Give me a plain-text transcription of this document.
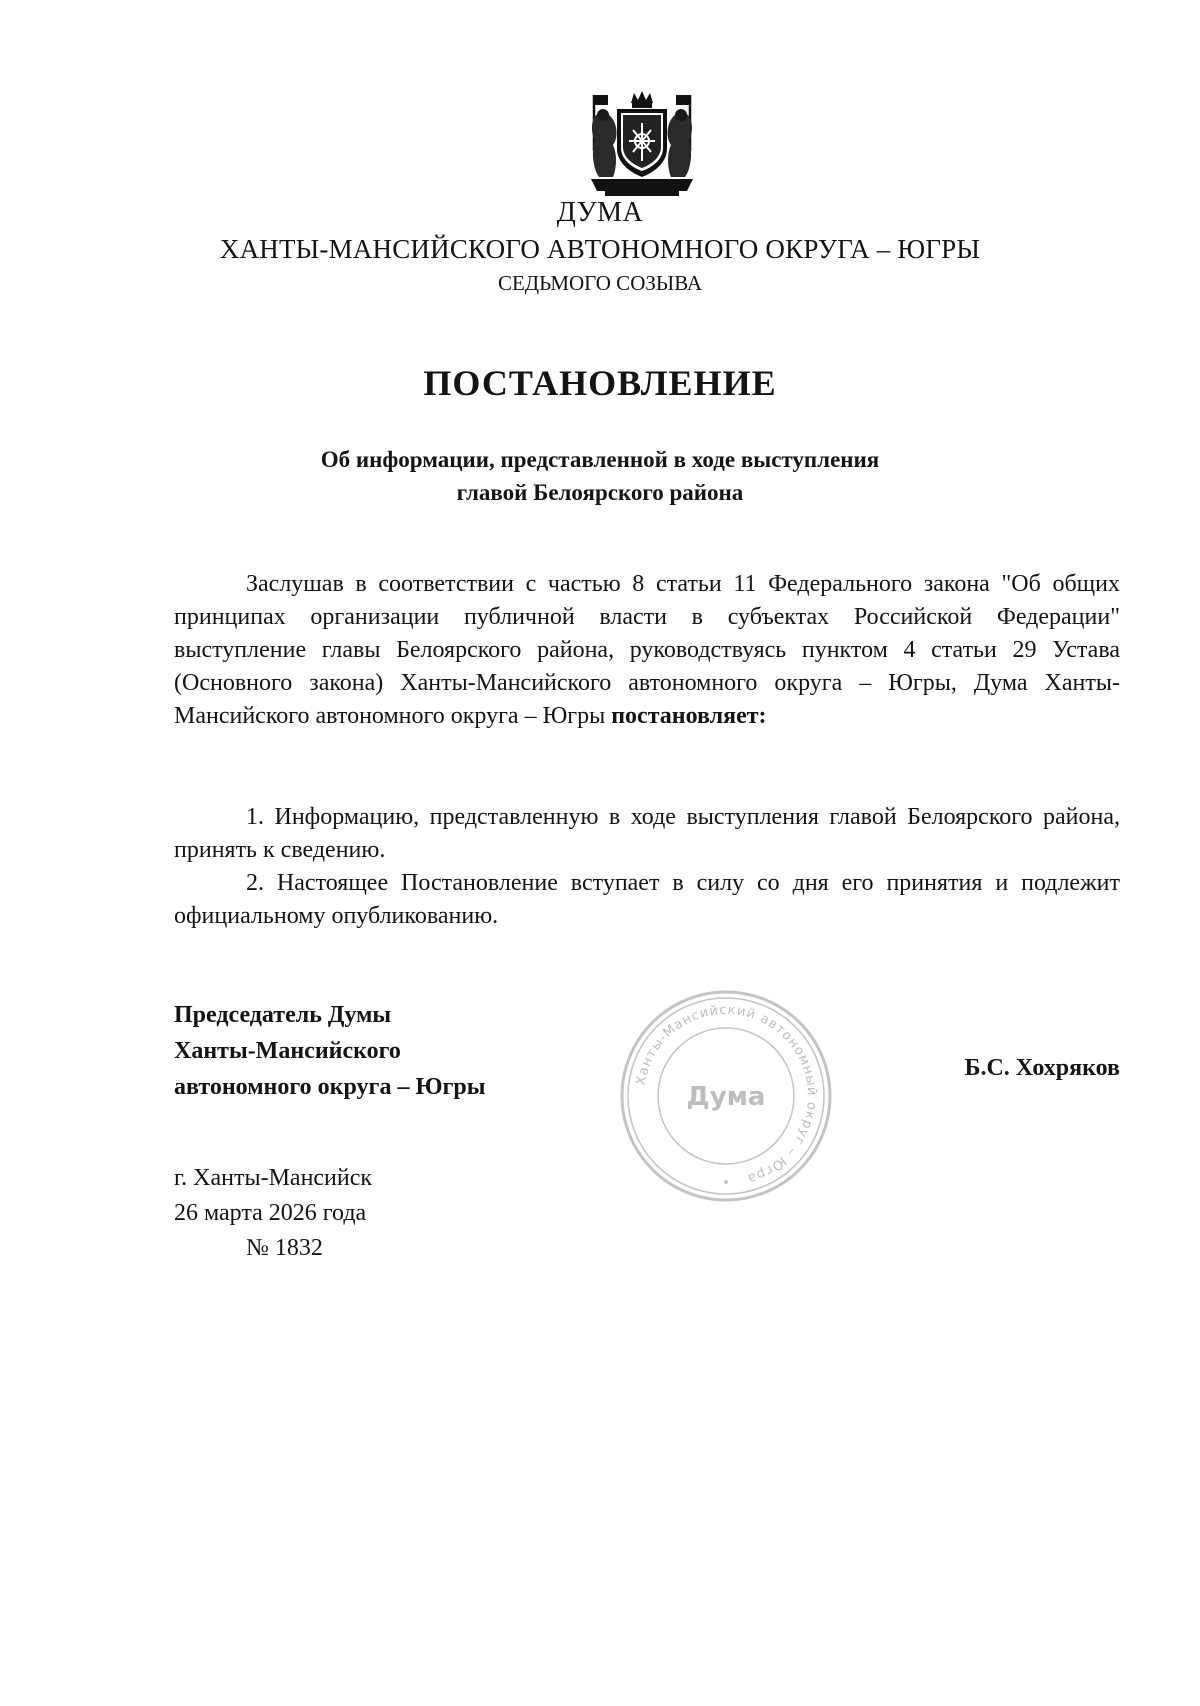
ДУМА
ХАНТЫ-МАНСИЙСКОГО АВТОНОМНОГО ОКРУГА – ЮГРЫ
СЕДЬМОГО СОЗЫВА
ПОСТАНОВЛЕНИЕ
Об информации, представленной в ходе выступления
главой Белоярского района
Заслушав в соответствии с частью 8 статьи 11 Федерального закона "Об общих принципах организации публичной власти в субъектах Российской Федерации" выступление главы Белоярского района, руководствуясь пунктом 4 статьи 29 Устава (Основного закона) Ханты-Мансийского автономного округа – Югры, Дума Ханты-Мансийского автономного округа – Югры постановляет:
1. Информацию, представленную в ходе выступления главой Белоярского района, принять к сведению.
2. Настоящее Постановление вступает в силу со дня его принятия и подлежит официальному опубликованию.
Ханты-Мансийский автономный округ – Югра
Дума
Председатель Думы
Ханты-Мансийского
автономного округа – Югры
Б.С. Хохряков
г. Ханты-Мансийск
26 марта 2026 года
№ 1832
